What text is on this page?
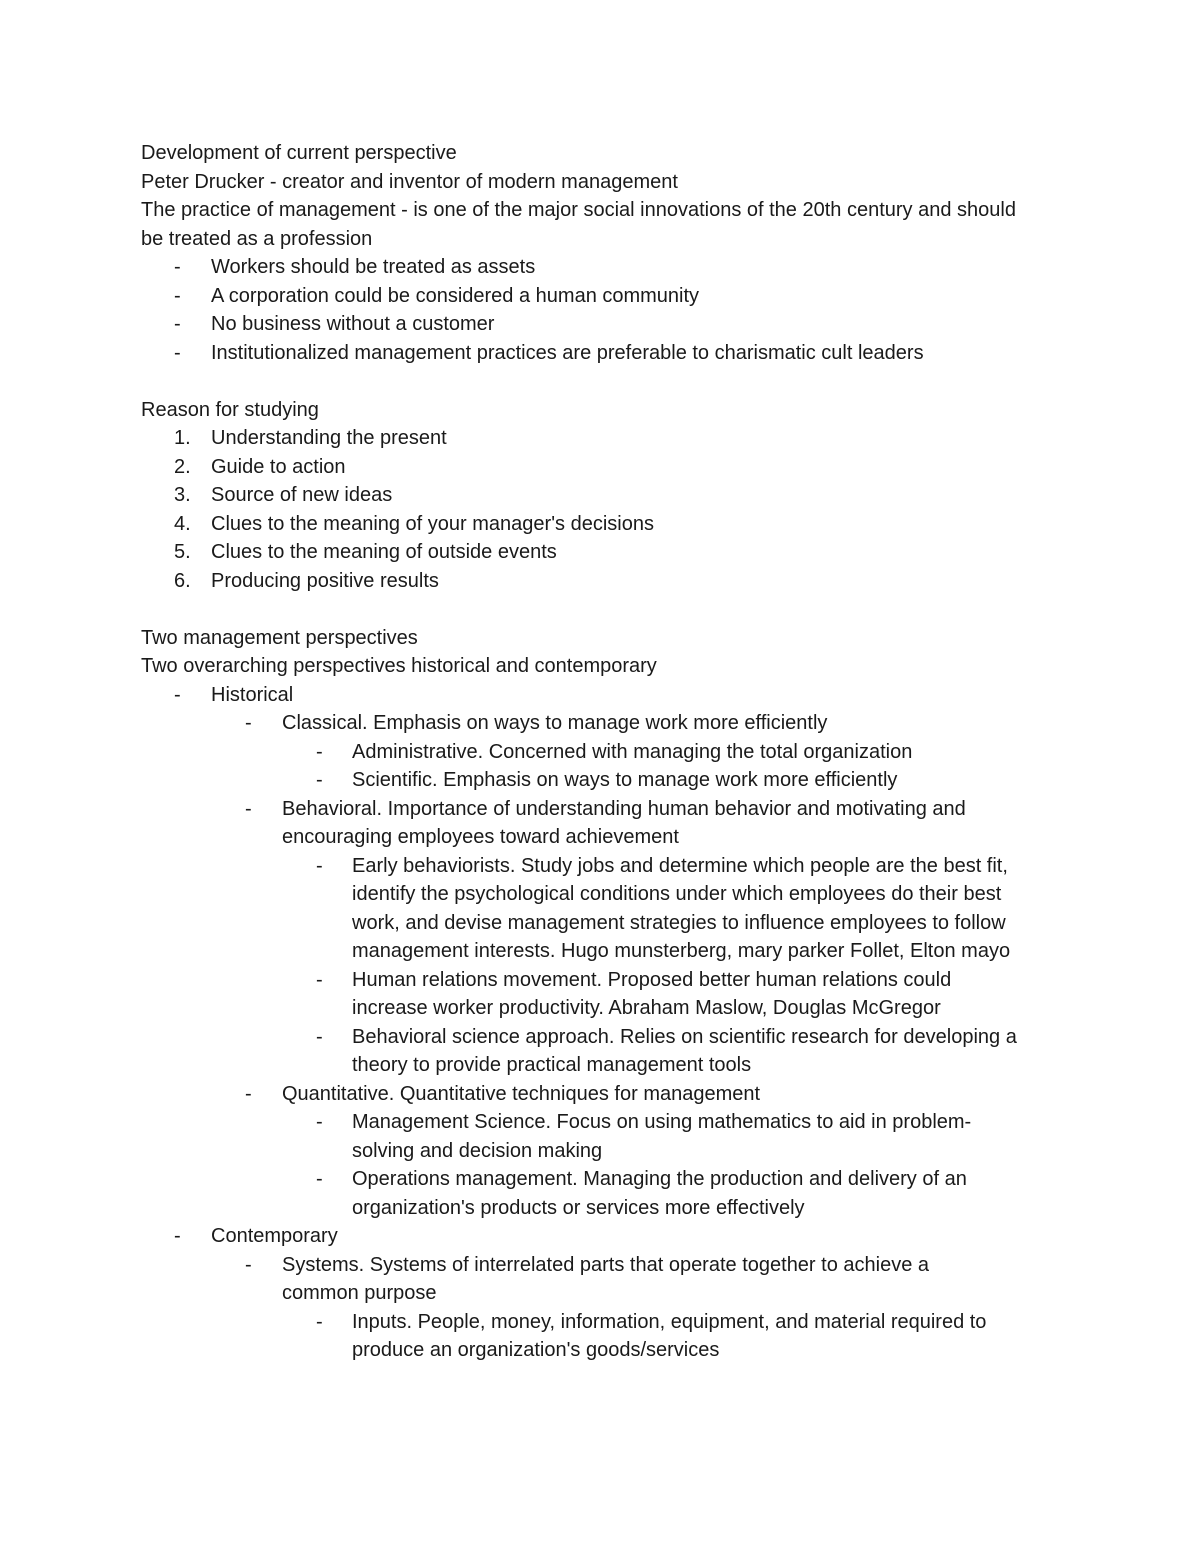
Development of current perspective

Peter Drucker - creator and inventor of modern management

The practice of management - is one of the major social innovations of the 20th century and should be treated as a profession

- Workers should be treated as assets
- A corporation could be considered a human community
- No business without a customer
- Institutionalized management practices are preferable to charismatic cult leaders

Reason for studying

1. Understanding the present
2. Guide to action
3. Source of new ideas
4. Clues to the meaning of your manager's decisions
5. Clues to the meaning of outside events
6. Producing positive results

Two management perspectives

Two overarching perspectives historical and contemporary

- Historical
- Classical. Emphasis on ways to manage work more efficiently
- Administrative. Concerned with managing the total organization
- Scientific. Emphasis on ways to manage work more efficiently
- Behavioral. Importance of understanding human behavior and motivating and encouraging employees toward achievement
- Early behaviorists. Study jobs and determine which people are the best fit, identify the psychological conditions under which employees do their best work, and devise management strategies to influence employees to follow management interests. Hugo munsterberg, mary parker Follet, Elton mayo
- Human relations movement. Proposed better human relations could increase worker productivity. Abraham Maslow, Douglas McGregor
- Behavioral science approach. Relies on scientific research for developing a theory to provide practical management tools
- Quantitative. Quantitative techniques for management
- Management Science. Focus on using mathematics to aid in problem-solving and decision making
- Operations management. Managing the production and delivery of an organization's products or services more effectively
- Contemporary
- Systems. Systems of interrelated parts that operate together to achieve a common purpose
- Inputs. People, money, information, equipment, and material required to produce an organization's goods/services
